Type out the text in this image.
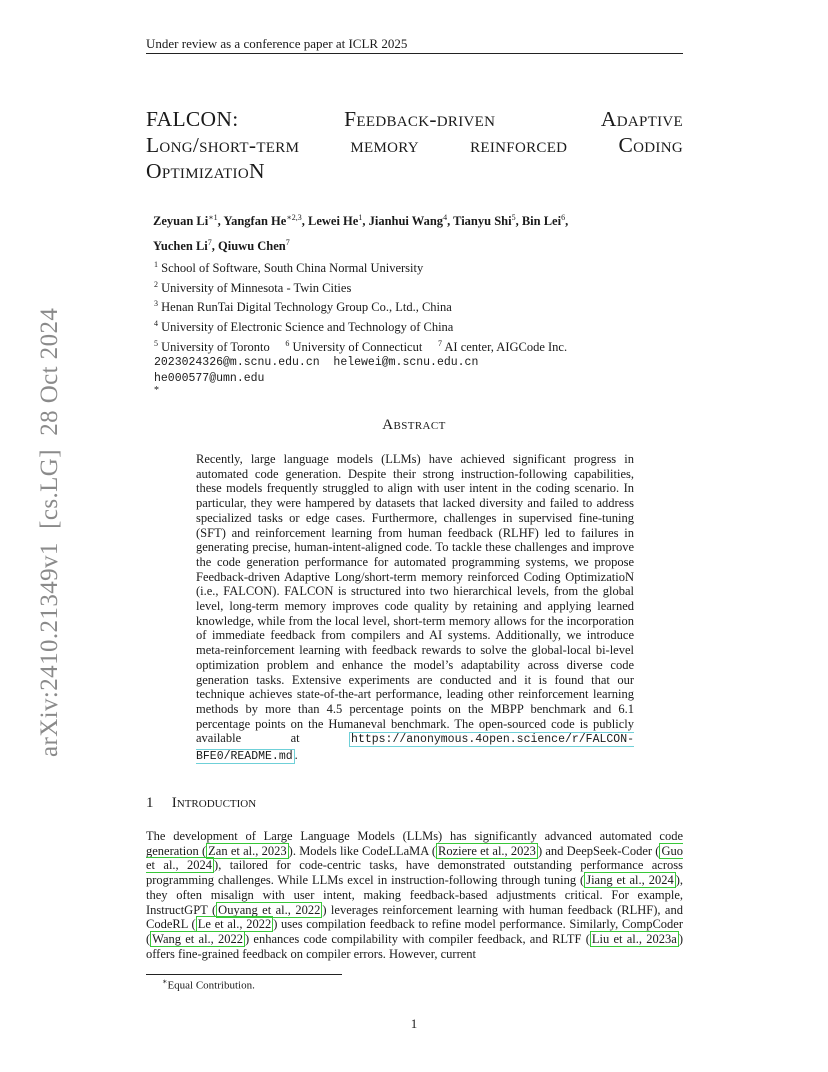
Under review as a conference paper at ICLR 2025
FALCON:	Feedback-driven	Adaptive
Long/short-term memory reinforced Coding
OptimizatioN
Zeyuan $Li^{∗1}$, Yangfan $He^{∗2,3}$, Lewei He$^1$, Jianhui Wang$^4$, Tianyu Shi$^5$, Bin Lei$^6$,
Yuchen Li$^7$, Qiuwu Chen$^7$
$^1$ School of Software, South China Normal University
$^2$ University of Minnesota - Twin Cities
$^3$ Henan RunTai Digital Technology Group Co., Ltd., China
$^4$ University of Electronic Science and Technology of China
$^5$ University of Toronto $^6$ University of Connecticut $^7$ AI center, AIGCode Inc.
2023024326@m.scnu.edu.cn  helewei@m.scnu.edu.cn
he000577@umn.edu
*
Abstract
Recently, large language models (LLMs) have achieved significant progress in automated code generation. Despite their strong instruction-following capabilities, these models frequently struggled to align with user intent in the coding scenario. In particular, they were hampered by datasets that lacked diversity and failed to address specialized tasks or edge cases. Furthermore, challenges in supervised fine-tuning (SFT) and reinforcement learning from human feedback (RLHF) led to failures in generating precise, human-intent-aligned code. To tackle these challenges and improve the code generation performance for automated programming systems, we propose Feedback-driven Adaptive Long/short-term memory reinforced Coding OptimizatioN (i.e., FALCON). FALCON is structured into two hierarchical levels, from the global level, long-term memory improves code quality by retaining and applying learned knowledge, while from the local level, short-term memory allows for the incorporation of immediate feedback from compilers and AI systems. Additionally, we introduce meta-reinforcement learning with feedback rewards to solve the global-local bi-level optimization problem and enhance the model’s adaptability across diverse code generation tasks. Extensive experiments are conducted and it is found that our technique achieves state-of-the-art performance, leading other reinforcement learning methods by more than 4.5 percentage points on the MBPP benchmark and 6.1 percentage points on the Humaneval benchmark. The open-sourced code is publicly available at	https://anonymous.4open.science/r/FALCON-BFE0/README.md .
1 Introduction
The development of Large Language Models (LLMs) has significantly advanced automated code generation ( Zan et al., 2023 ). Models like CodeLLaMA ( Roziere et al., 2023 ) and DeepSeek-Coder ( Guo et al., 2024 ), tailored for code-centric tasks, have demonstrated outstanding performance across programming challenges. While LLMs excel in instruction-following through tuning ( Jiang et al., 2024 ), they often misalign with user intent, making feedback-based adjustments critical. For example, InstructGPT ( Ouyang et al., 2022 ) leverages reinforcement learning with human feedback (RLHF), and CodeRL ( Le et al., 2022 ) uses compilation feedback to refine model performance. Similarly, CompCoder ( Wang et al., 2022 ) enhances code compilability with compiler feedback, and RLTF ( Liu et al., 2023a ) offers fine-grained feedback on compiler errors. However, current
∗Equal Contribution.
1
arXiv:2410.21349v1  [cs.LG]  28 Oct 2024
